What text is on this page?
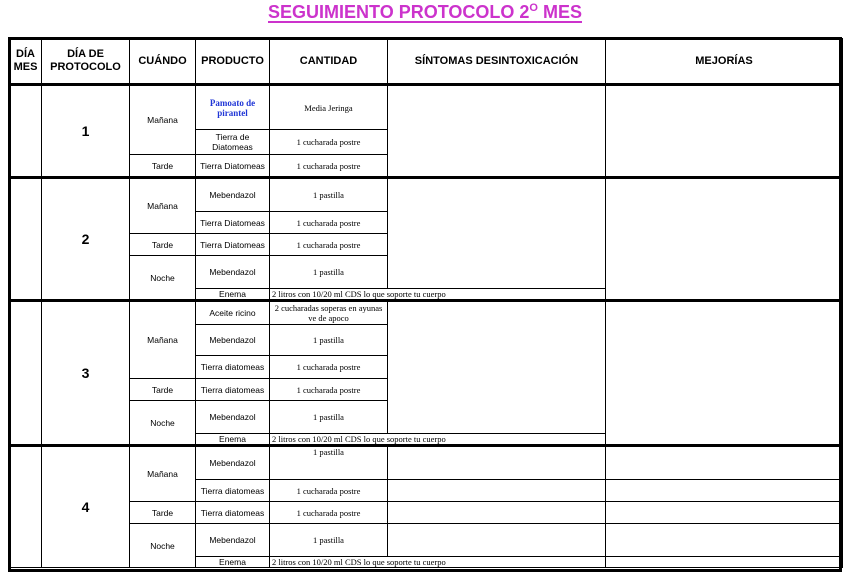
SEGUIMIENTO PROTOCOLO $2^O$ MES
DÍA MES	DÍA DE PROTOCOLO	CUÁNDO	PRODUCTO	CANTIDAD	SÍNTOMAS DESINTOXICACIÓN	MEJORÍAS
	1	Mañana	Pamoato de pirantel	Media Jeringa		
			Tierra de Diatomeas	1 cucharada postre		
		Tarde	Tierra Diatomeas	1 cucharada postre		
	2	Mañana	Mebendazol	1 pastilla		
			Tierra Diatomeas	1 cucharada postre		
		Tarde	Tierra Diatomeas	1 cucharada postre		
		Noche	Mebendazol	1 pastilla		
			Enema	2 litros con 10/20 ml CDS lo que soporte tu cuerpo		
	3	Mañana	Aceite ricino	2 cucharadas soperas en ayunas ve de apoco		
			Mebendazol	1 pastilla		
			Tierra diatomeas	1 cucharada postre		
		Tarde	Tierra diatomeas	1 cucharada postre		
		Noche	Mebendazol	1 pastilla		
			Enema	2 litros con 10/20 ml CDS lo que soporte tu cuerpo		
	4	Mañana	Mebendazol	1 pastilla		
			Tierra diatomeas	1 cucharada postre		
		Tarde	Tierra diatomeas	1 cucharada postre		
		Noche	Mebendazol	1 pastilla		
			Enema	2 litros con 10/20 ml CDS lo que soporte tu cuerpo		
